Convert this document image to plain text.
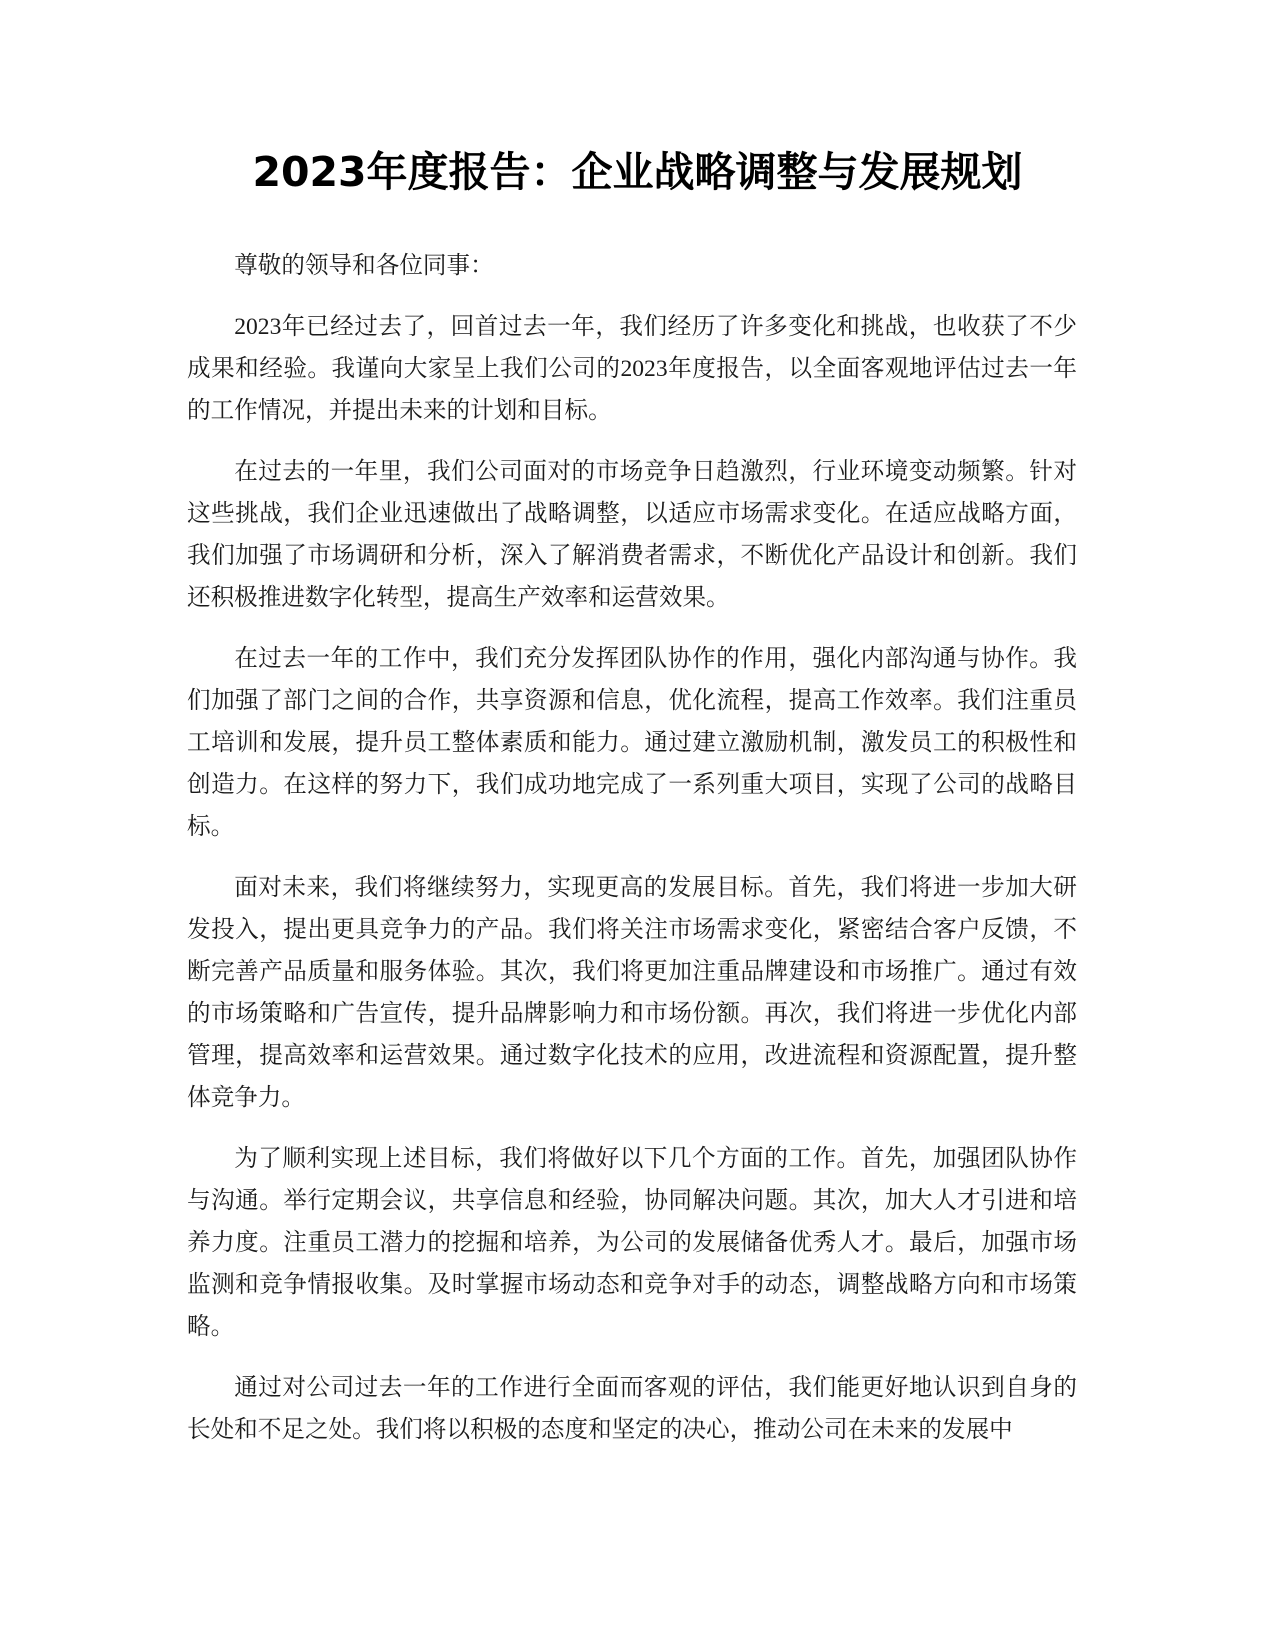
2023年度报告：企业战略调整与发展规划

尊敬的领导和各位同事：

2023年已经过去了，回首过去一年，我们经历了许多变化和挑战，也收获了不少成果和经验。我谨向大家呈上我们公司的2023年度报告，以全面客观地评估过去一年的工作情况，并提出未来的计划和目标。

在过去的一年里，我们公司面对的市场竞争日趋激烈，行业环境变动频繁。针对这些挑战，我们企业迅速做出了战略调整，以适应市场需求变化。在适应战略方面，我们加强了市场调研和分析，深入了解消费者需求，不断优化产品设计和创新。我们还积极推进数字化转型，提高生产效率和运营效果。

在过去一年的工作中，我们充分发挥团队协作的作用，强化内部沟通与协作。我们加强了部门之间的合作，共享资源和信息，优化流程，提高工作效率。我们注重员工培训和发展，提升员工整体素质和能力。通过建立激励机制，激发员工的积极性和创造力。在这样的努力下，我们成功地完成了一系列重大项目，实现了公司的战略目标。

面对未来，我们将继续努力，实现更高的发展目标。首先，我们将进一步加大研发投入，提出更具竞争力的产品。我们将关注市场需求变化，紧密结合客户反馈，不断完善产品质量和服务体验。其次，我们将更加注重品牌建设和市场推广。通过有效的市场策略和广告宣传，提升品牌影响力和市场份额。再次，我们将进一步优化内部管理，提高效率和运营效果。通过数字化技术的应用，改进流程和资源配置，提升整体竞争力。

为了顺利实现上述目标，我们将做好以下几个方面的工作。首先，加强团队协作与沟通。举行定期会议，共享信息和经验，协同解决问题。其次，加大人才引进和培养力度。注重员工潜力的挖掘和培养，为公司的发展储备优秀人才。最后，加强市场监测和竞争情报收集。及时掌握市场动态和竞争对手的动态，调整战略方向和市场策略。

通过对公司过去一年的工作进行全面而客观的评估，我们能更好地认识到自身的长处和不足之处。我们将以积极的态度和坚定的决心，推动公司在未来的发展中
